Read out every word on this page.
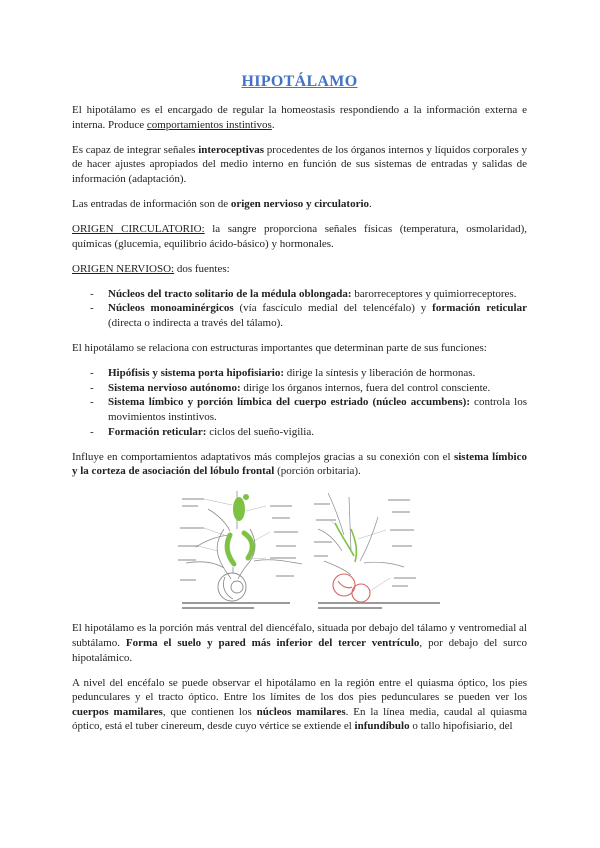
HIPOTÁLAMO

El hipotálamo es el encargado de regular la homeostasis respondiendo a la información externa e interna. Produce comportamientos instintivos.

Es capaz de integrar señales interoceptivas procedentes de los órganos internos y líquidos corporales y de hacer ajustes apropiados del medio interno en función de sus sistemas de entradas y salidas de información (adaptación).

Las entradas de información son de origen nervioso y circulatorio.

ORIGEN CIRCULATORIO: la sangre proporciona señales físicas (temperatura, osmolaridad), químicas (glucemia, equilibrio ácido-básico) y hormonales.

ORIGEN NERVIOSO: dos fuentes:

- Núcleos del tracto solitario de la médula oblongada: barorreceptores y quimiorreceptores.
- Núcleos monoaminérgicos (vía fascículo medial del telencéfalo) y formación reticular (directa o indirecta a través del tálamo).

El hipotálamo se relaciona con estructuras importantes que determinan parte de sus funciones:

- Hipófisis y sistema porta hipofisiario: dirige la síntesis y liberación de hormonas.
- Sistema nervioso autónomo: dirige los órganos internos, fuera del control consciente.
- Sistema límbico y porción límbica del cuerpo estriado (núcleo accumbens): controla los movimientos instintivos.
- Formación reticular: ciclos del sueño-vigilia.

Influye en comportamientos adaptativos más complejos gracias a su conexión con el sistema límbico y la corteza de asociación del lóbulo frontal (porción orbitaria).

El hipotálamo es la porción más ventral del diencéfalo, situada por debajo del tálamo y ventromedial al subtálamo. Forma el suelo y pared más inferior del tercer ventrículo, por debajo del surco hipotalámico.

A nivel del encéfalo se puede observar el hipotálamo en la región entre el quiasma óptico, los pies pedunculares y el tracto óptico. Entre los límites de los dos pies pedunculares se pueden ver los cuerpos mamilares, que contienen los núcleos mamilares. En la línea media, caudal al quiasma óptico, está el tuber cinereum, desde cuyo vértice se extiende el infundíbulo o tallo hipofisiario, del
